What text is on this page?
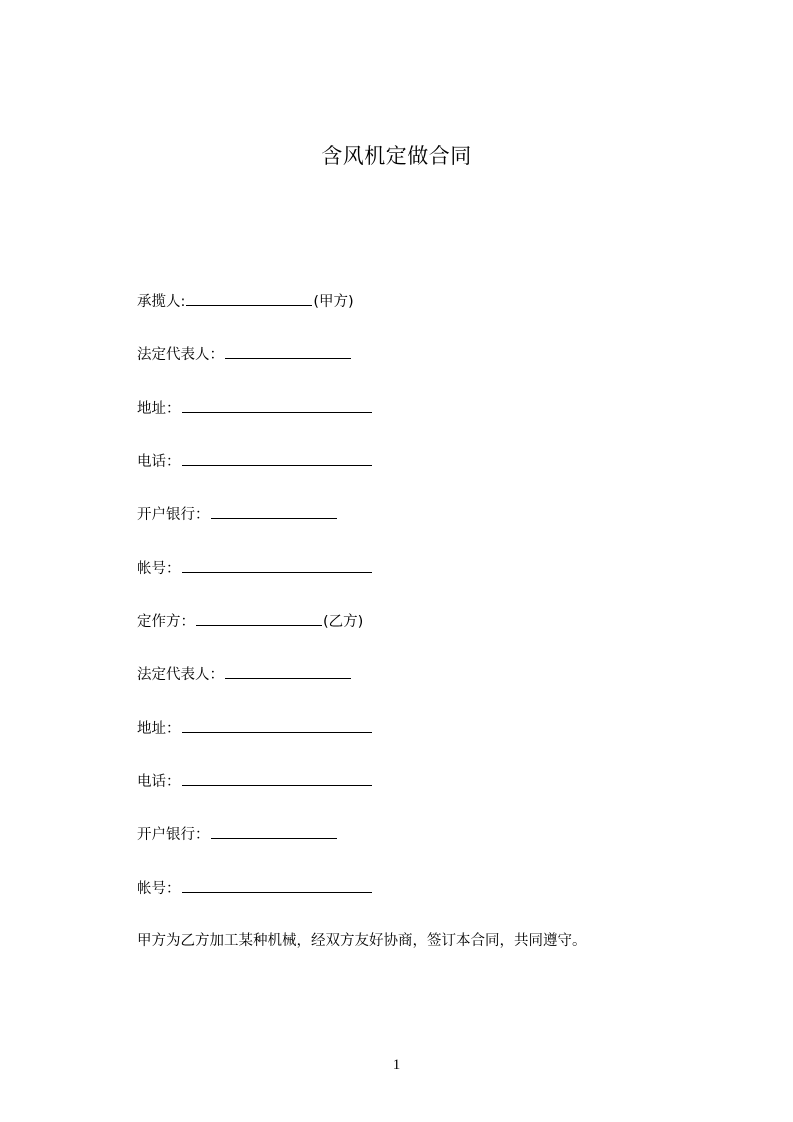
含风机定做合同
承揽人:	(甲方)
法定代表人：
地址：
电话：
开户银行：
帐号：
定作方：	(乙方)
法定代表人：
地址：
电话：
开户银行：
帐号：
甲方为乙方加工某种机械，经双方友好协商，签订本合同，共同遵守。
1
